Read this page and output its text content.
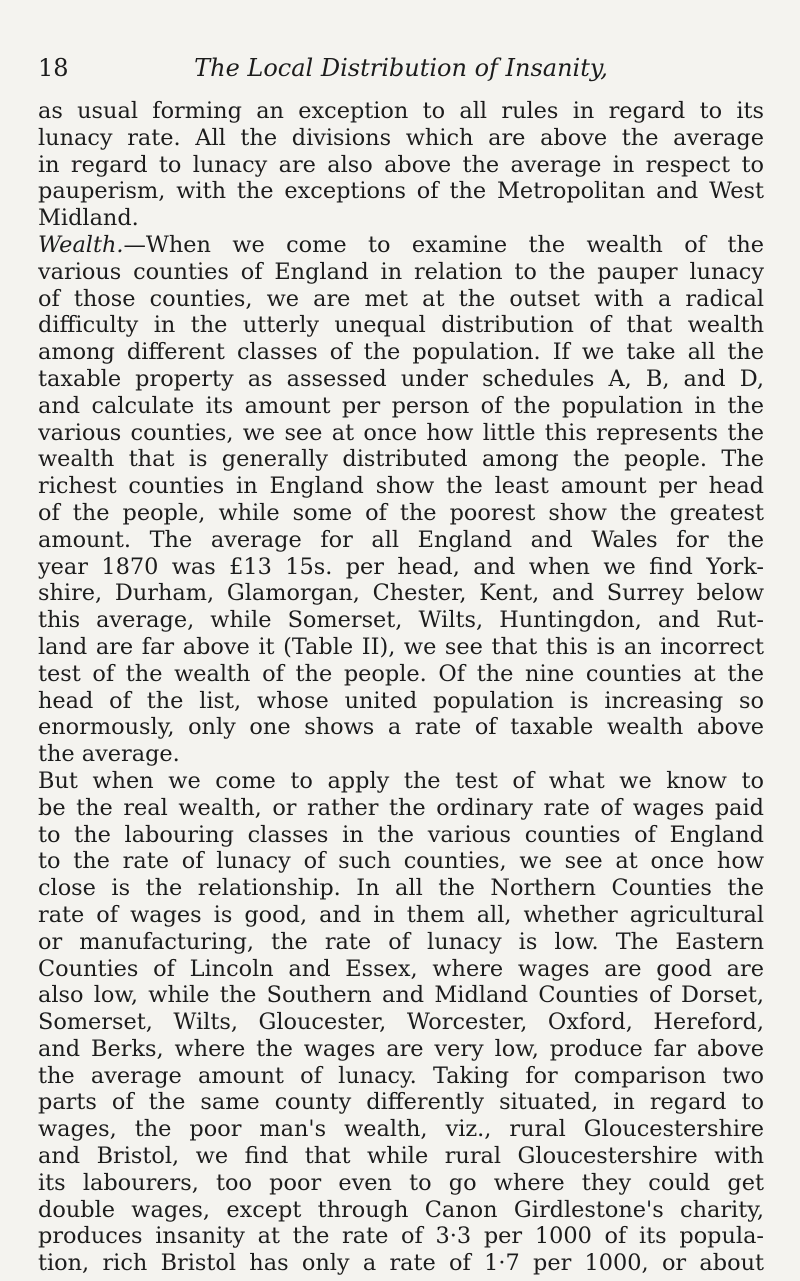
18	The Local Distribution of Insanity,

as usual forming an exception to all rules in regard to its
lunacy rate. All the divisions which are above the average
in regard to lunacy are also above the average in respect to
pauperism, with the exceptions of the Metropolitan and West
Midland.

Wealth.—When we come to examine the wealth of the
various counties of England in relation to the pauper lunacy
of those counties, we are met at the outset with a radical
difficulty in the utterly unequal distribution of that wealth
among different classes of the population. If we take all the
taxable property as assessed under schedules A, B, and D,
and calculate its amount per person of the population in the
various counties, we see at once how little this represents the
wealth that is generally distributed among the people. The
richest counties in England show the least amount per head
of the people, while some of the poorest show the greatest
amount. The average for all England and Wales for the
year 1870 was £13 15s. per head, and when we find York-
shire, Durham, Glamorgan, Chester, Kent, and Surrey below
this average, while Somerset, Wilts, Huntingdon, and Rut-
land are far above it (Table II), we see that this is an incorrect
test of the wealth of the people. Of the nine counties at the
head of the list, whose united population is increasing so
enormously, only one shows a rate of taxable wealth above
the average.

But when we come to apply the test of what we know to
be the real wealth, or rather the ordinary rate of wages paid
to the labouring classes in the various counties of England
to the rate of lunacy of such counties, we see at once how
close is the relationship. In all the Northern Counties the
rate of wages is good, and in them all, whether agricultural
or manufacturing, the rate of lunacy is low. The Eastern
Counties of Lincoln and Essex, where wages are good are
also low, while the Southern and Midland Counties of Dorset,
Somerset, Wilts, Gloucester, Worcester, Oxford, Hereford,
and Berks, where the wages are very low, produce far above
the average amount of lunacy. Taking for comparison two
parts of the same county differently situated, in regard to
wages, the poor man's wealth, viz., rural Gloucestershire
and Bristol, we find that while rural Gloucestershire with
its labourers, too poor even to go where they could get
double wages, except through Canon Girdlestone's charity,
produces insanity at the rate of 3·3 per 1000 of its popula-
tion, rich Bristol has only a rate of 1·7 per 1000, or about
